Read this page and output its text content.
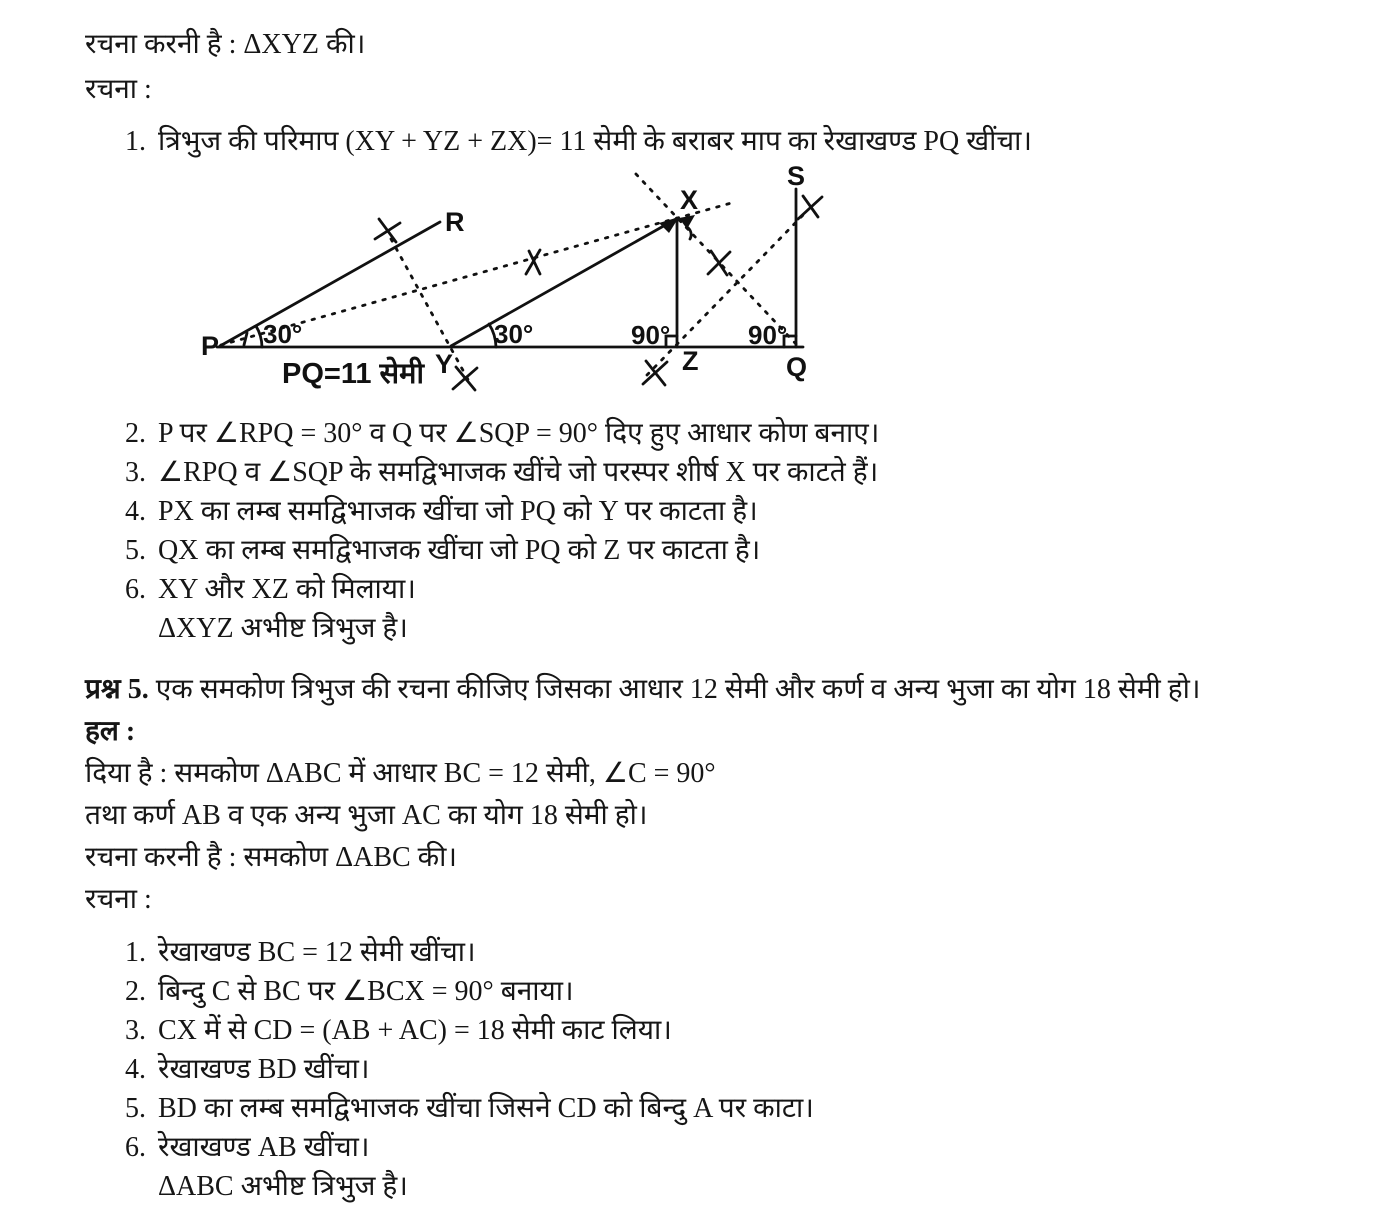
रचना करनी है : ΔXYZ की।
रचना :
1. त्रिभुज की परिमाप (XY + YZ + ZX)= 11 सेमी के बराबर माप का रेखाखण्ड PQ खींचा।
P
R
X
S
Y	Z	Q
30°	30°	90°	90°
PQ=11 सेमी
2. P पर ∠RPQ = 30° व Q पर ∠SQP = 90° दिए हुए आधार कोण बनाए।
3. ∠RPQ व ∠SQP के समद्विभाजक खींचे जो परस्पर शीर्ष X पर काटते हैं।
4. PX का लम्ब समद्विभाजक खींचा जो PQ को Y पर काटता है।
5. QX का लम्ब समद्विभाजक खींचा जो PQ को Z पर काटता है।
6. XY और XZ को मिलाया।
ΔXYZ अभीष्ट त्रिभुज है।
प्रश्न 5. एक समकोण त्रिभुज की रचना कीजिए जिसका आधार 12 सेमी और कर्ण व अन्य भुजा का योग 18 सेमी हो।
हल :
दिया है : समकोण ΔABC में आधार BC = 12 सेमी, ∠C = 90°
तथा कर्ण AB व एक अन्य भुजा AC का योग 18 सेमी हो।
रचना करनी है : समकोण ΔABC की।
रचना :
1. रेखाखण्ड BC = 12 सेमी खींचा।
2. बिन्दु C से BC पर ∠BCX = 90° बनाया।
3. CX में से CD = (AB + AC) = 18 सेमी काट लिया।
4. रेखाखण्ड BD खींचा।
5. BD का लम्ब समद्विभाजक खींचा जिसने CD को बिन्दु A पर काटा।
6. रेखाखण्ड AB खींचा।
ΔABC अभीष्ट त्रिभुज है।
